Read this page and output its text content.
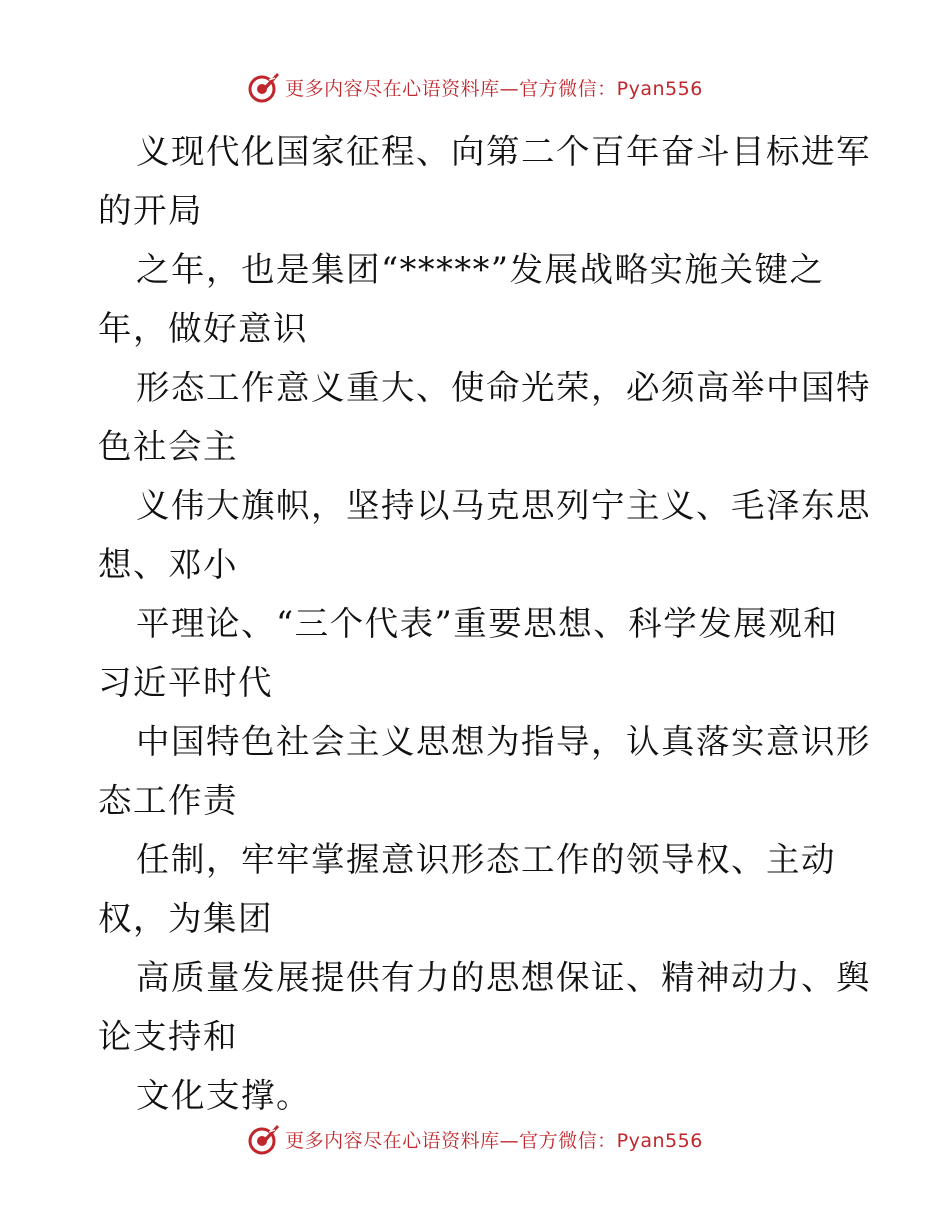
更多内容尽在心语资料库—官方微信：Pyan556
义现代化国家征程、向第二个百年奋斗目标进军
的开局
之年，也是集团“*****”发展战略实施关键之
年，做好意识
形态工作意义重大、使命光荣，必须高举中国特
色社会主
义伟大旗帜，坚持以马克思列宁主义、毛泽东思
想、邓小
平理论、“三个代表”重要思想、科学发展观和
习近平时代
中国特色社会主义思想为指导，认真落实意识形
态工作责
任制，牢牢掌握意识形态工作的领导权、主动
权，为集团
高质量发展提供有力的思想保证、精神动力、舆
论支持和
文化支撑。
更多内容尽在心语资料库—官方微信：Pyan556
